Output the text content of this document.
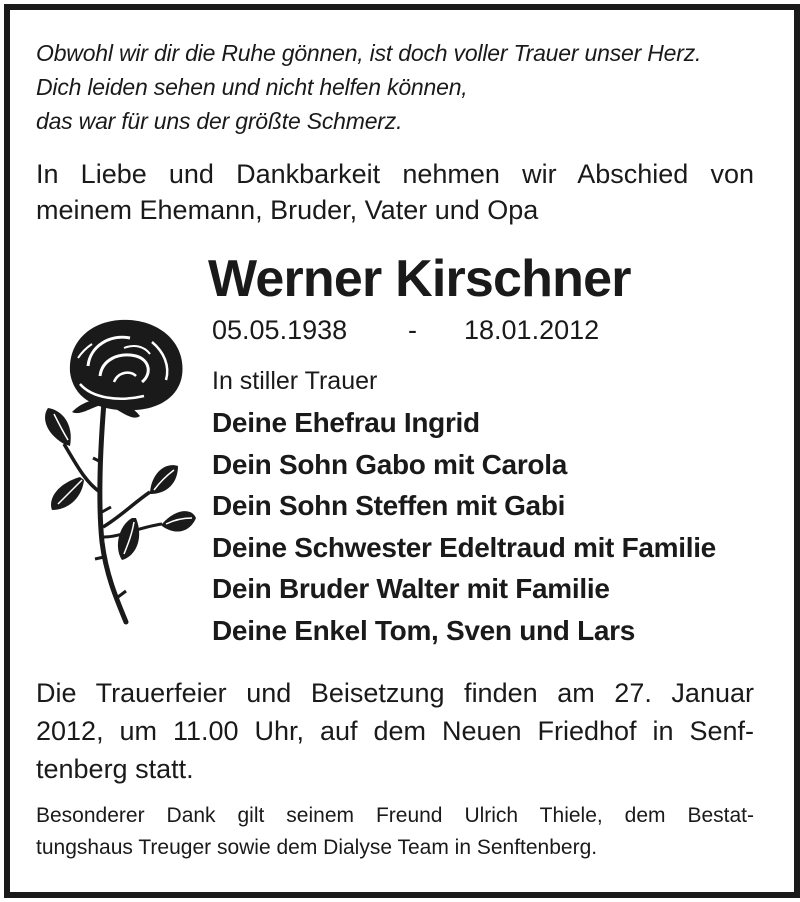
Obwohl wir dir die Ruhe gönnen, ist doch voller Trauer unser Herz.
Dich leiden sehen und nicht helfen können,
das war für uns der größte Schmerz.
In Liebe und Dankbarkeit nehmen wir Abschied von
meinem Ehemann, Bruder, Vater und Opa
Werner Kirschner
05.05.1938 - 18.01.2012
In stiller Trauer
Deine Ehefrau Ingrid
Dein Sohn Gabo mit Carola
Dein Sohn Steffen mit Gabi
Deine Schwester Edeltraud mit Familie
Dein Bruder Walter mit Familie
Deine Enkel Tom, Sven und Lars
Die Trauerfeier und Beisetzung finden am 27. Januar
2012, um 11.00 Uhr, auf dem Neuen Friedhof in Senf-
tenberg statt.
Besonderer Dank gilt seinem Freund Ulrich Thiele, dem Bestat-
tungshaus Treuger sowie dem Dialyse Team in Senftenberg.
